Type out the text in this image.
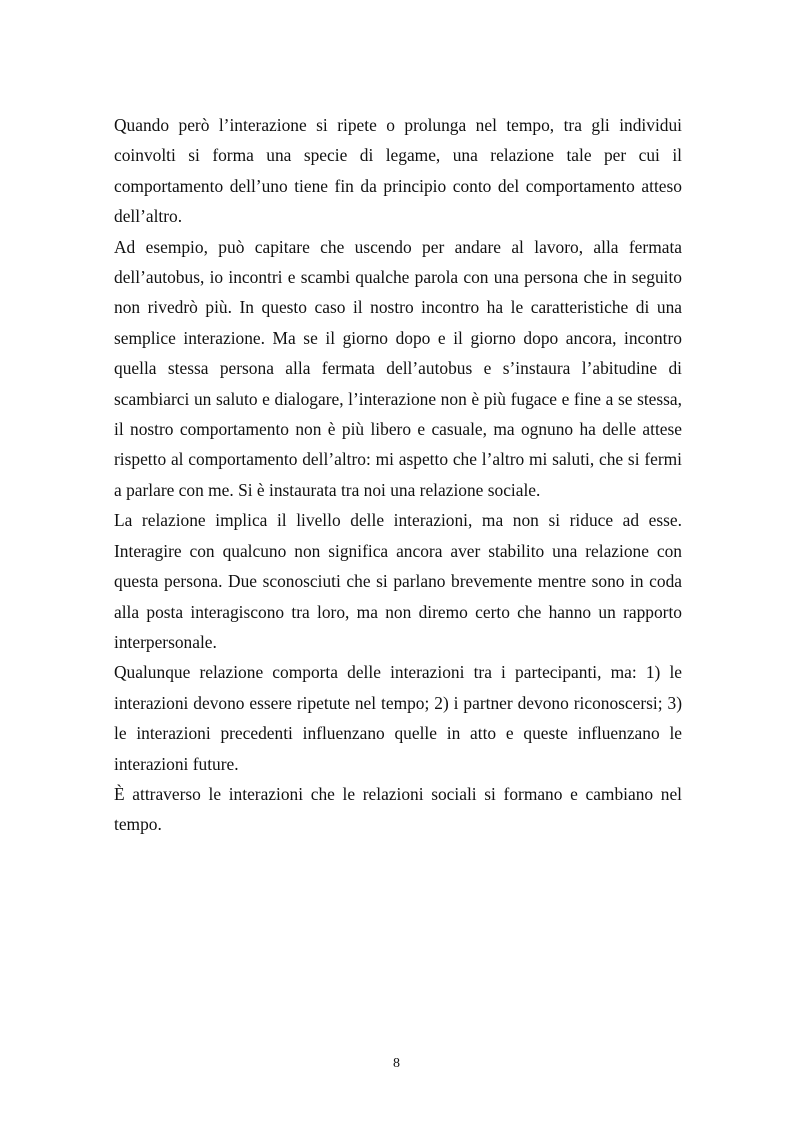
Quando però l’interazione si ripete o prolunga nel tempo, tra gli individui coinvolti si forma una specie di legame, una relazione tale per cui il comportamento dell’uno tiene fin da principio conto del comportamento atteso dell’altro.

Ad esempio, può capitare che uscendo per andare al lavoro, alla fermata dell’autobus, io incontri e scambi qualche parola con una persona che in seguito non rivedrò più. In questo caso il nostro incontro ha le caratteristiche di una semplice interazione. Ma se il giorno dopo e il giorno dopo ancora, incontro quella stessa persona alla fermata dell’autobus e s’instaura l’abitudine di scambiarci un saluto e dialogare, l’interazione non è più fugace e fine a se stessa, il nostro comportamento non è più libero e casuale, ma ognuno ha delle attese rispetto al comportamento dell’altro: mi aspetto che l’altro mi saluti, che si fermi a parlare con me. Si è instaurata tra noi una relazione sociale.

La relazione implica il livello delle interazioni, ma non si riduce ad esse. Interagire con qualcuno non significa ancora aver stabilito una relazione con questa persona. Due sconosciuti che si parlano brevemente mentre sono in coda alla posta interagiscono tra loro, ma non diremo certo che hanno un rapporto interpersonale.

Qualunque relazione comporta delle interazioni tra i partecipanti, ma: 1) le interazioni devono essere ripetute nel tempo; 2) i partner devono riconoscersi; 3) le interazioni precedenti influenzano quelle in atto e queste influenzano le interazioni future.

È attraverso le interazioni che le relazioni sociali si formano e cambiano nel tempo.

8
